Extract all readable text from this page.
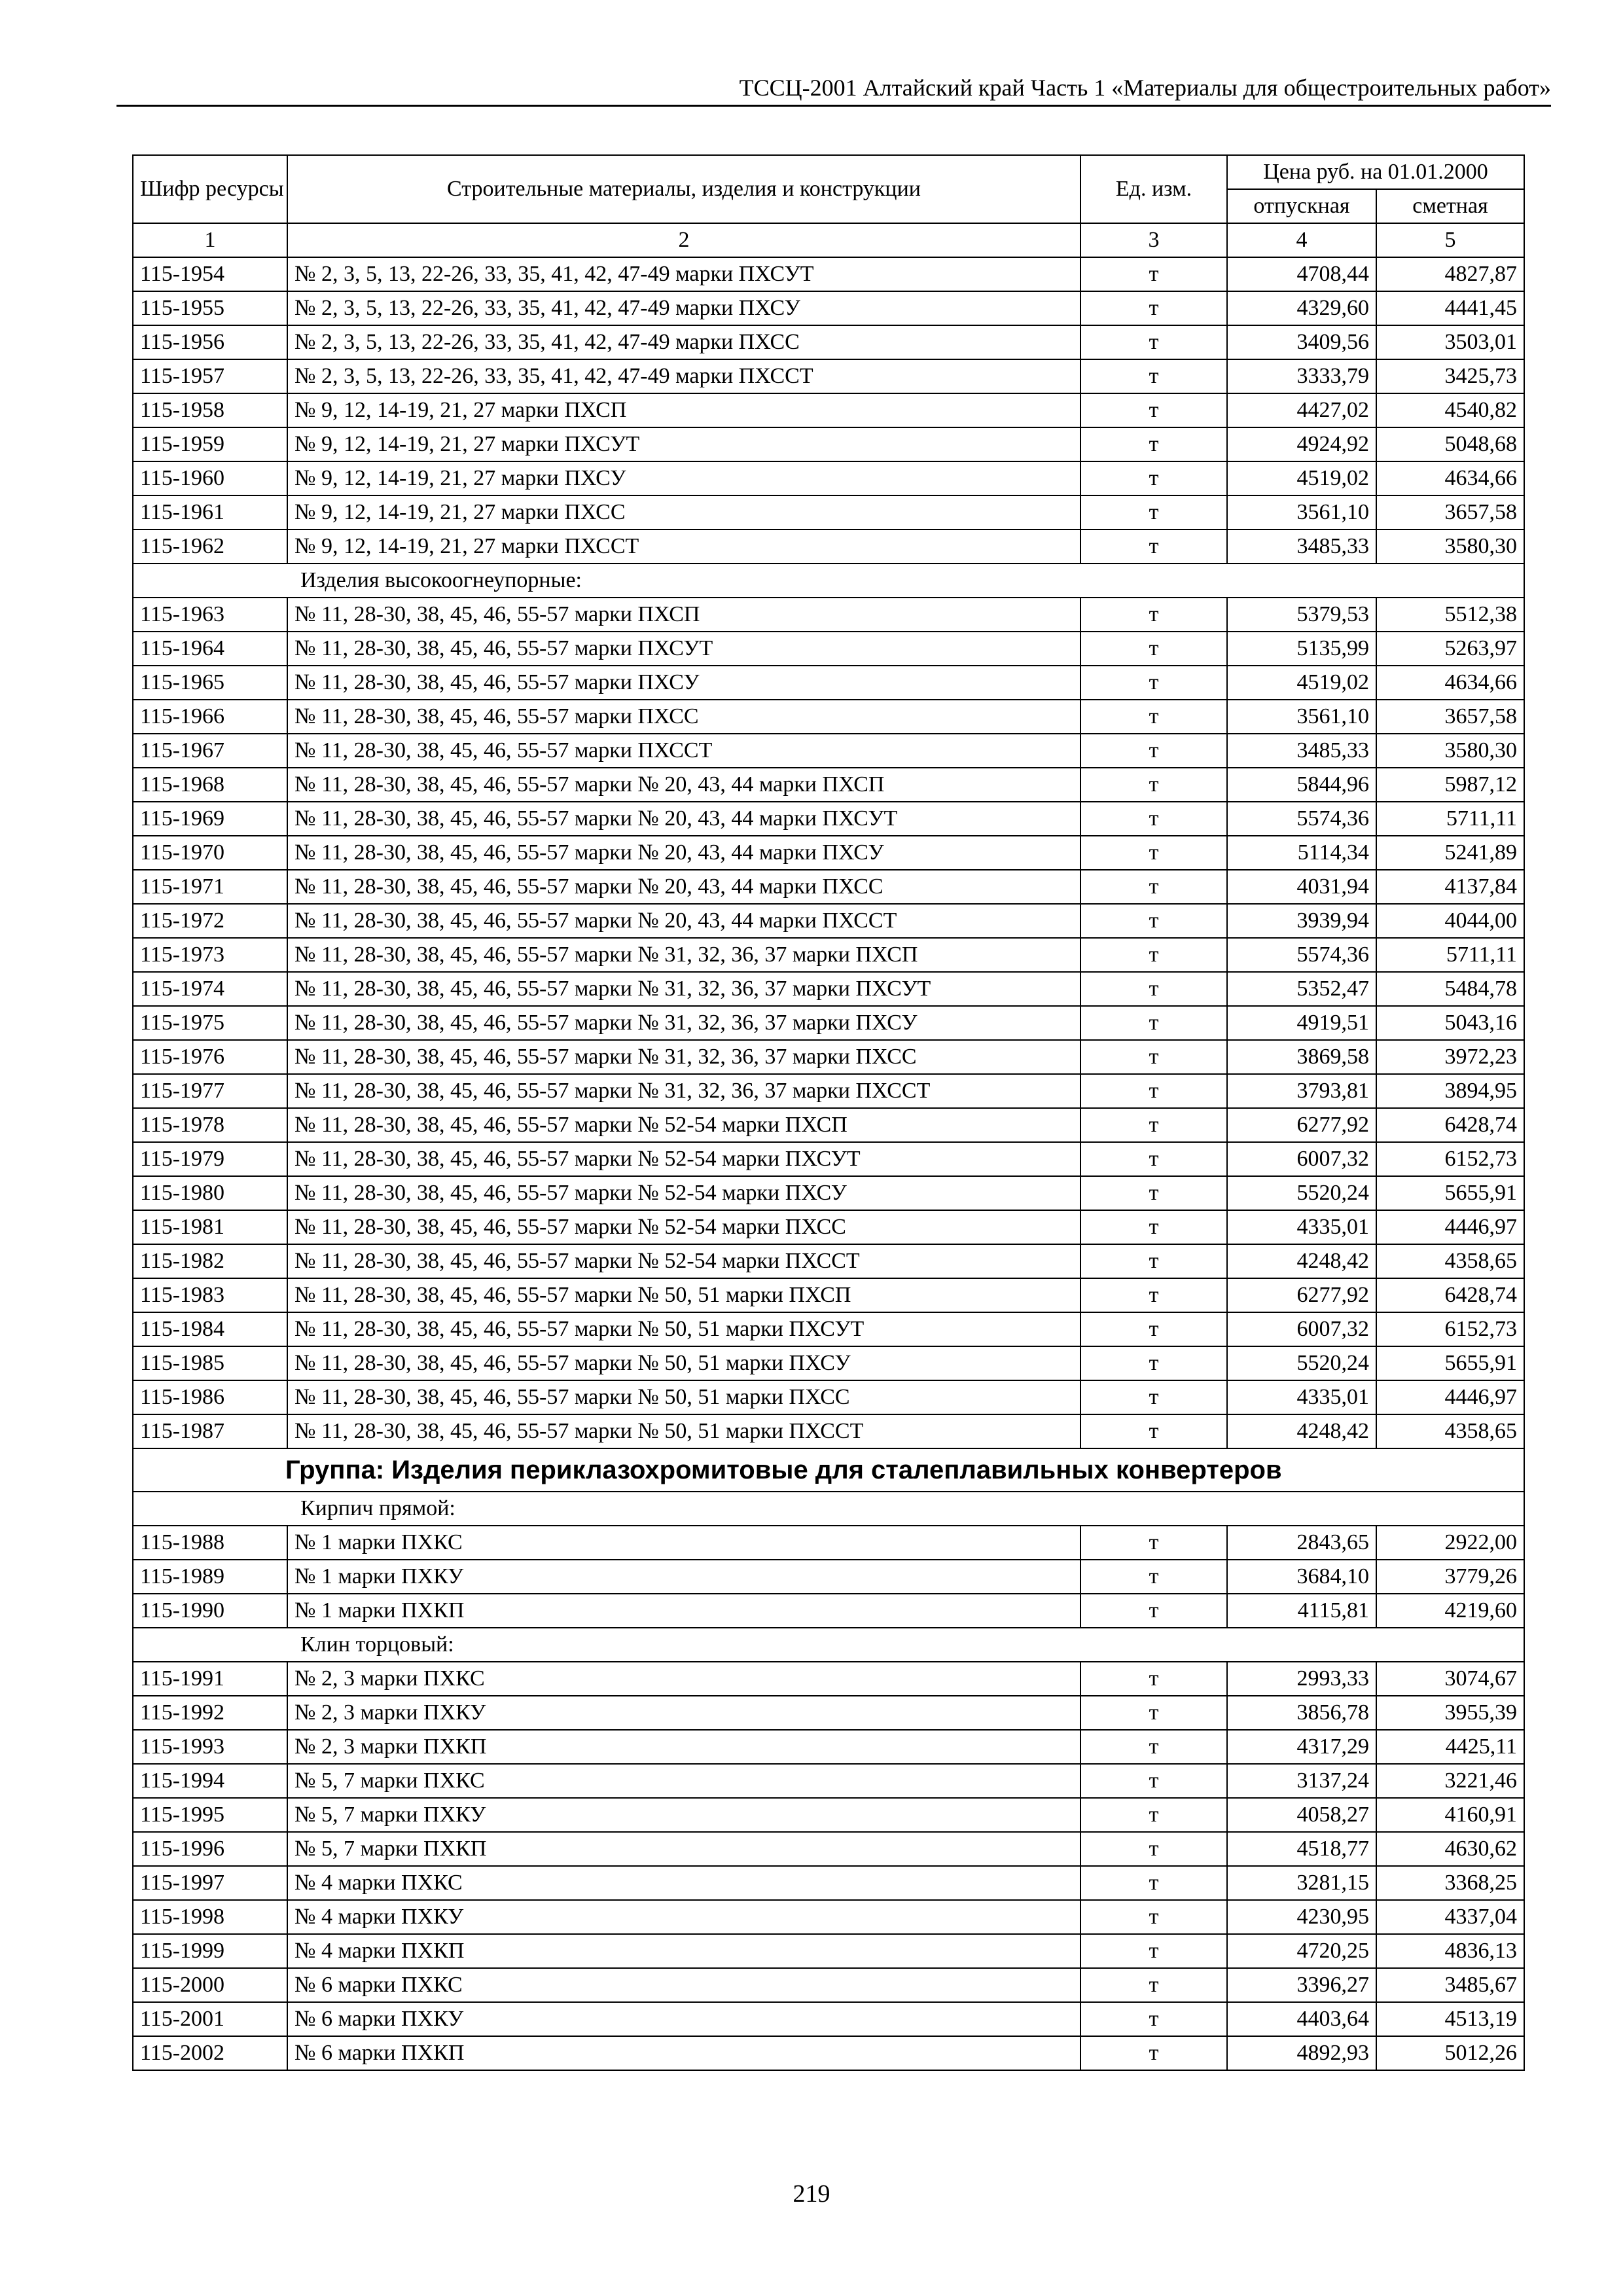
ТССЦ-2001 Алтайский край Часть 1 «Материалы для общестроительных работ»
Шифр ресурсы	Строительные материалы, изделия и конструкции	Ед. изм.	Цена руб. на 01.01.2000	
			отпускная	сметная
1	2	3	4	5
115-1954	№ 2, 3, 5, 13, 22-26, 33, 35, 41, 42, 47-49 марки ПХСУТ	т	4708,44	4827,87
115-1955	№ 2, 3, 5, 13, 22-26, 33, 35, 41, 42, 47-49 марки ПХСУ	т	4329,60	4441,45
115-1956	№ 2, 3, 5, 13, 22-26, 33, 35, 41, 42, 47-49 марки ПХСС	т	3409,56	3503,01
115-1957	№ 2, 3, 5, 13, 22-26, 33, 35, 41, 42, 47-49 марки ПХССТ	т	3333,79	3425,73
115-1958	№ 9, 12, 14-19, 21, 27 марки ПХСП	т	4427,02	4540,82
115-1959	№ 9, 12, 14-19, 21, 27 марки ПХСУТ	т	4924,92	5048,68
115-1960	№ 9, 12, 14-19, 21, 27 марки ПХСУ	т	4519,02	4634,66
115-1961	№ 9, 12, 14-19, 21, 27 марки ПХСС	т	3561,10	3657,58
115-1962	№ 9, 12, 14-19, 21, 27 марки ПХССТ	т	3485,33	3580,30
	Изделия высокоогнеупорные:			
115-1963	№ 11, 28-30, 38, 45, 46, 55-57 марки ПХСП	т	5379,53	5512,38
115-1964	№ 11, 28-30, 38, 45, 46, 55-57 марки ПХСУТ	т	5135,99	5263,97
115-1965	№ 11, 28-30, 38, 45, 46, 55-57 марки ПХСУ	т	4519,02	4634,66
115-1966	№ 11, 28-30, 38, 45, 46, 55-57 марки ПХСС	т	3561,10	3657,58
115-1967	№ 11, 28-30, 38, 45, 46, 55-57 марки ПХССТ	т	3485,33	3580,30
115-1968	№ 11, 28-30, 38, 45, 46, 55-57 марки № 20, 43, 44 марки ПХСП	т	5844,96	5987,12
115-1969	№ 11, 28-30, 38, 45, 46, 55-57 марки № 20, 43, 44 марки ПХСУТ	т	5574,36	5711,11
115-1970	№ 11, 28-30, 38, 45, 46, 55-57 марки № 20, 43, 44 марки ПХСУ	т	5114,34	5241,89
115-1971	№ 11, 28-30, 38, 45, 46, 55-57 марки № 20, 43, 44 марки ПХСС	т	4031,94	4137,84
115-1972	№ 11, 28-30, 38, 45, 46, 55-57 марки № 20, 43, 44 марки ПХССТ	т	3939,94	4044,00
115-1973	№ 11, 28-30, 38, 45, 46, 55-57 марки № 31, 32, 36, 37 марки ПХСП	т	5574,36	5711,11
115-1974	№ 11, 28-30, 38, 45, 46, 55-57 марки № 31, 32, 36, 37 марки ПХСУТ	т	5352,47	5484,78
115-1975	№ 11, 28-30, 38, 45, 46, 55-57 марки № 31, 32, 36, 37 марки ПХСУ	т	4919,51	5043,16
115-1976	№ 11, 28-30, 38, 45, 46, 55-57 марки № 31, 32, 36, 37 марки ПХСС	т	3869,58	3972,23
115-1977	№ 11, 28-30, 38, 45, 46, 55-57 марки № 31, 32, 36, 37 марки ПХССТ	т	3793,81	3894,95
115-1978	№ 11, 28-30, 38, 45, 46, 55-57 марки № 52-54 марки ПХСП	т	6277,92	6428,74
115-1979	№ 11, 28-30, 38, 45, 46, 55-57 марки № 52-54 марки ПХСУТ	т	6007,32	6152,73
115-1980	№ 11, 28-30, 38, 45, 46, 55-57 марки № 52-54 марки ПХСУ	т	5520,24	5655,91
115-1981	№ 11, 28-30, 38, 45, 46, 55-57 марки № 52-54 марки ПХСС	т	4335,01	4446,97
115-1982	№ 11, 28-30, 38, 45, 46, 55-57 марки № 52-54 марки ПХССТ	т	4248,42	4358,65
115-1983	№ 11, 28-30, 38, 45, 46, 55-57 марки № 50, 51 марки ПХСП	т	6277,92	6428,74
115-1984	№ 11, 28-30, 38, 45, 46, 55-57 марки № 50, 51 марки ПХСУТ	т	6007,32	6152,73
115-1985	№ 11, 28-30, 38, 45, 46, 55-57 марки № 50, 51 марки ПХСУ	т	5520,24	5655,91
115-1986	№ 11, 28-30, 38, 45, 46, 55-57 марки № 50, 51 марки ПХСС	т	4335,01	4446,97
115-1987	№ 11, 28-30, 38, 45, 46, 55-57 марки № 50, 51 марки ПХССТ	т	4248,42	4358,65
Группа: Изделия периклазохромитовые для сталеплавильных конвертеров				
	Кирпич прямой:			
115-1988	№ 1 марки ПХКС	т	2843,65	2922,00
115-1989	№ 1 марки ПХКУ	т	3684,10	3779,26
115-1990	№ 1 марки ПХКП	т	4115,81	4219,60
	Клин торцовый:			
115-1991	№ 2, 3 марки ПХКС	т	2993,33	3074,67
115-1992	№ 2, 3 марки ПХКУ	т	3856,78	3955,39
115-1993	№ 2, 3 марки ПХКП	т	4317,29	4425,11
115-1994	№ 5, 7 марки ПХКС	т	3137,24	3221,46
115-1995	№ 5, 7 марки ПХКУ	т	4058,27	4160,91
115-1996	№ 5, 7 марки ПХКП	т	4518,77	4630,62
115-1997	№ 4 марки ПХКС	т	3281,15	3368,25
115-1998	№ 4 марки ПХКУ	т	4230,95	4337,04
115-1999	№ 4 марки ПХКП	т	4720,25	4836,13
115-2000	№ 6 марки ПХКС	т	3396,27	3485,67
115-2001	№ 6 марки ПХКУ	т	4403,64	4513,19
115-2002	№ 6 марки ПХКП	т	4892,93	5012,26
219
